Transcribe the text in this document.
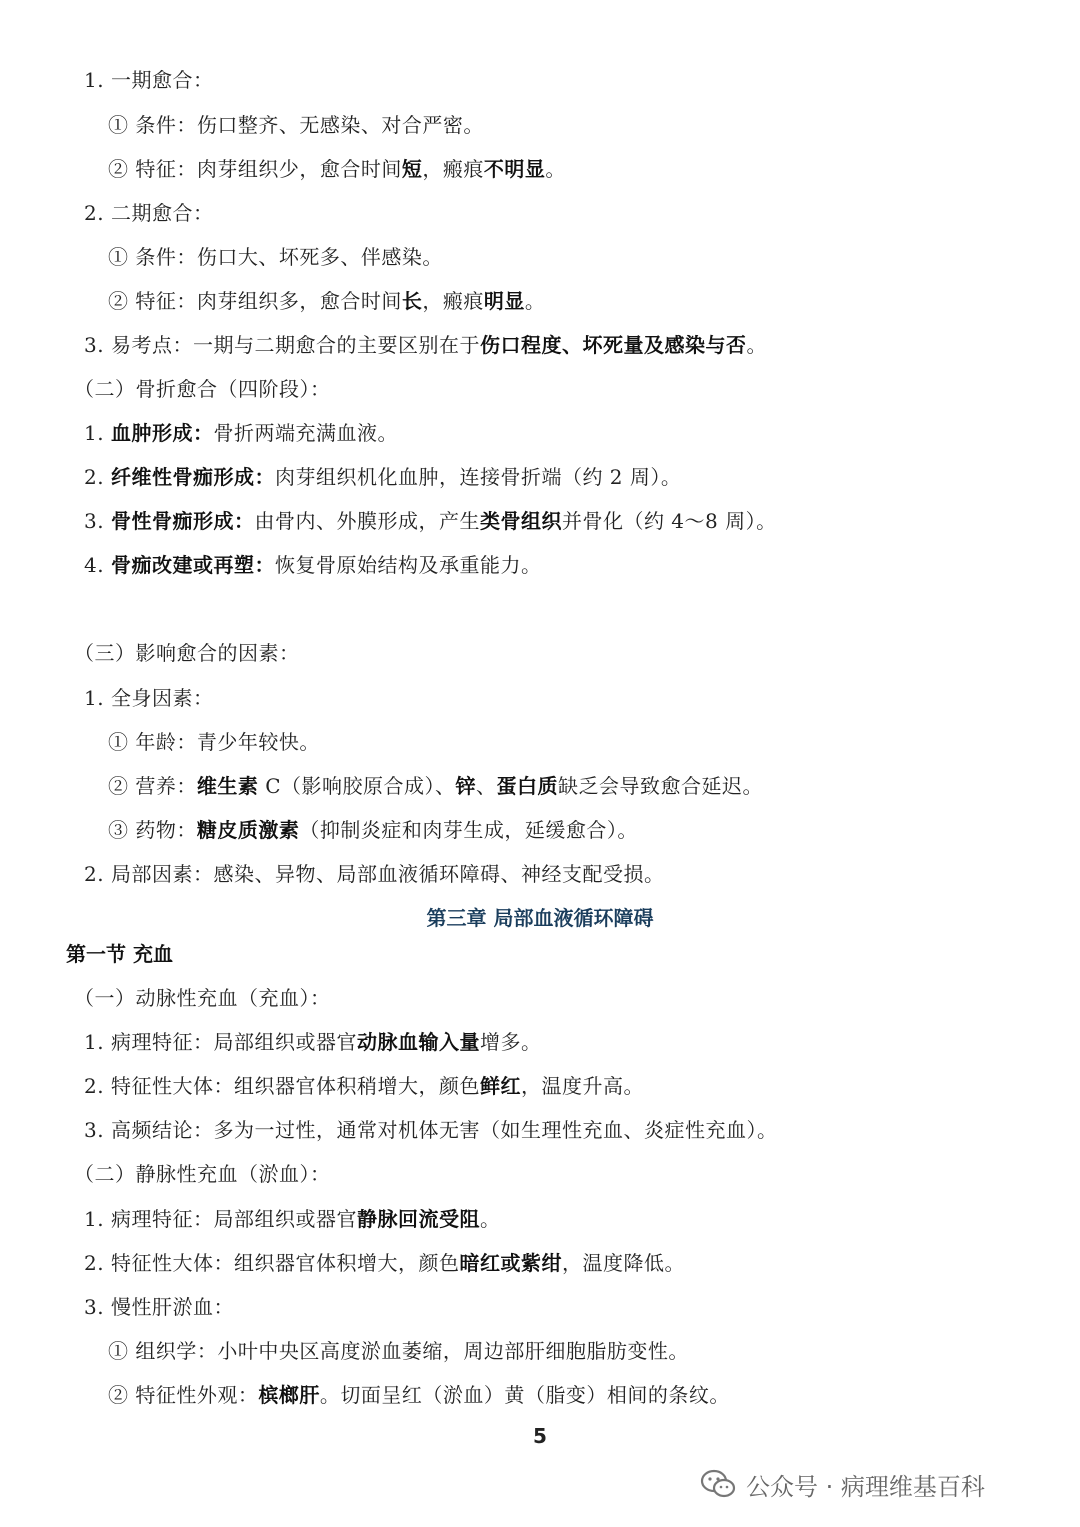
1. 一期愈合：
① 条件：伤口整齐、无感染、对合严密。
② 特征：肉芽组织少，愈合时间短，瘢痕不明显。
2. 二期愈合：
① 条件：伤口大、坏死多、伴感染。
② 特征：肉芽组织多，愈合时间长，瘢痕明显。
3. 易考点：一期与二期愈合的主要区别在于伤口程度、坏死量及感染与否。
（二）骨折愈合（四阶段）：
1. 血肿形成：骨折两端充满血液。
2. 纤维性骨痂形成：肉芽组织机化血肿，连接骨折端（约 2 周）。
3. 骨性骨痂形成：由骨内、外膜形成，产生类骨组织并骨化（约 4～8 周）。
4. 骨痂改建或再塑：恢复骨原始结构及承重能力。
（三）影响愈合的因素：
1. 全身因素：
① 年龄：青少年较快。
② 营养：维生素 C（影响胶原合成）、锌、蛋白质缺乏会导致愈合延迟。
③ 药物：糖皮质激素（抑制炎症和肉芽生成，延缓愈合）。
2. 局部因素：感染、异物、局部血液循环障碍、神经支配受损。
（一）动脉性充血（充血）：
1. 病理特征：局部组织或器官动脉血输入量增多。
2. 特征性大体：组织器官体积稍增大，颜色鲜红，温度升高。
3. 高频结论：多为一过性，通常对机体无害（如生理性充血、炎症性充血）。
（二）静脉性充血（淤血）：
1. 病理特征：局部组织或器官静脉回流受阻。
2. 特征性大体：组织器官体积增大，颜色暗红或紫绀，温度降低。
3. 慢性肝淤血：
① 组织学：小叶中央区高度淤血萎缩，周边部肝细胞脂肪变性。
② 特征性外观：槟榔肝。切面呈红（淤血）黄（脂变）相间的条纹。
第三章 局部血液循环障碍
第一节 充血
5
公众号 · 病理维基百科
